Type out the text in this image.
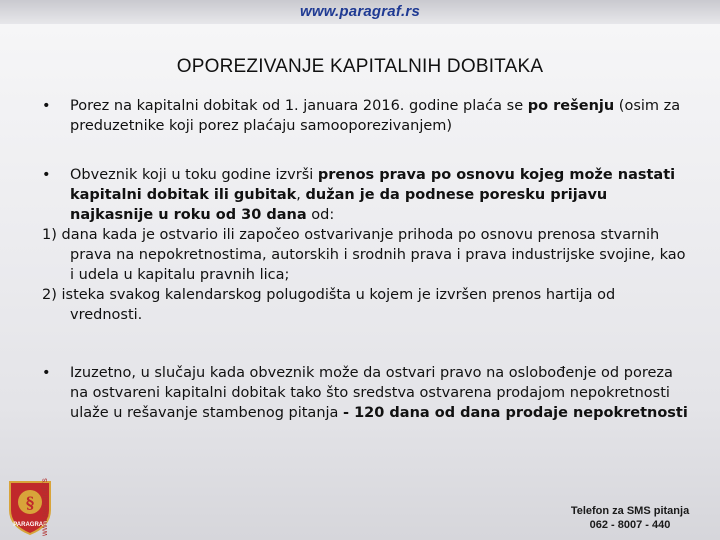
www.paragraf.rs
OPOREZIVANJE KAPITALNIH DOBITAKA
• Porez na kapitalni dobitak od 1. januara 2016. godine plaća se po rešenju (osim za preduzetnike koji porez plaćaju samooporezivanjem)
• Obveznik koji u toku godine izvrši prenos prava po osnovu kojeg može nastati kapitalni dobitak ili gubitak, dužan je da podnese poresku prijavu najkasnije u roku od 30 dana od:
1) dana kada je ostvario ili započeo ostvarivanje prihoda po osnovu prenosa stvarnih prava na nepokretnostima, autorskih i srodnih prava i prava industrijske svojine, kao i udela u kapitalu pravnih lica;
2) isteka svakog kalendarskog polugodišta u kojem je izvršen prenos hartija od vrednosti.
• Izuzetno, u slučaju kada obveznik može da ostvari pravo na oslobođenje od poreza na ostvareni kapitalni dobitak tako što sredstva ostvarena prodajom nepokretnosti ulaže u rešavanje stambenog pitanja - 120 dana od dana prodaje nepokretnosti
§
PARAGRAF
www.paragraf.rs	Telefon za SMS pitanja
062 - 8007 - 440
